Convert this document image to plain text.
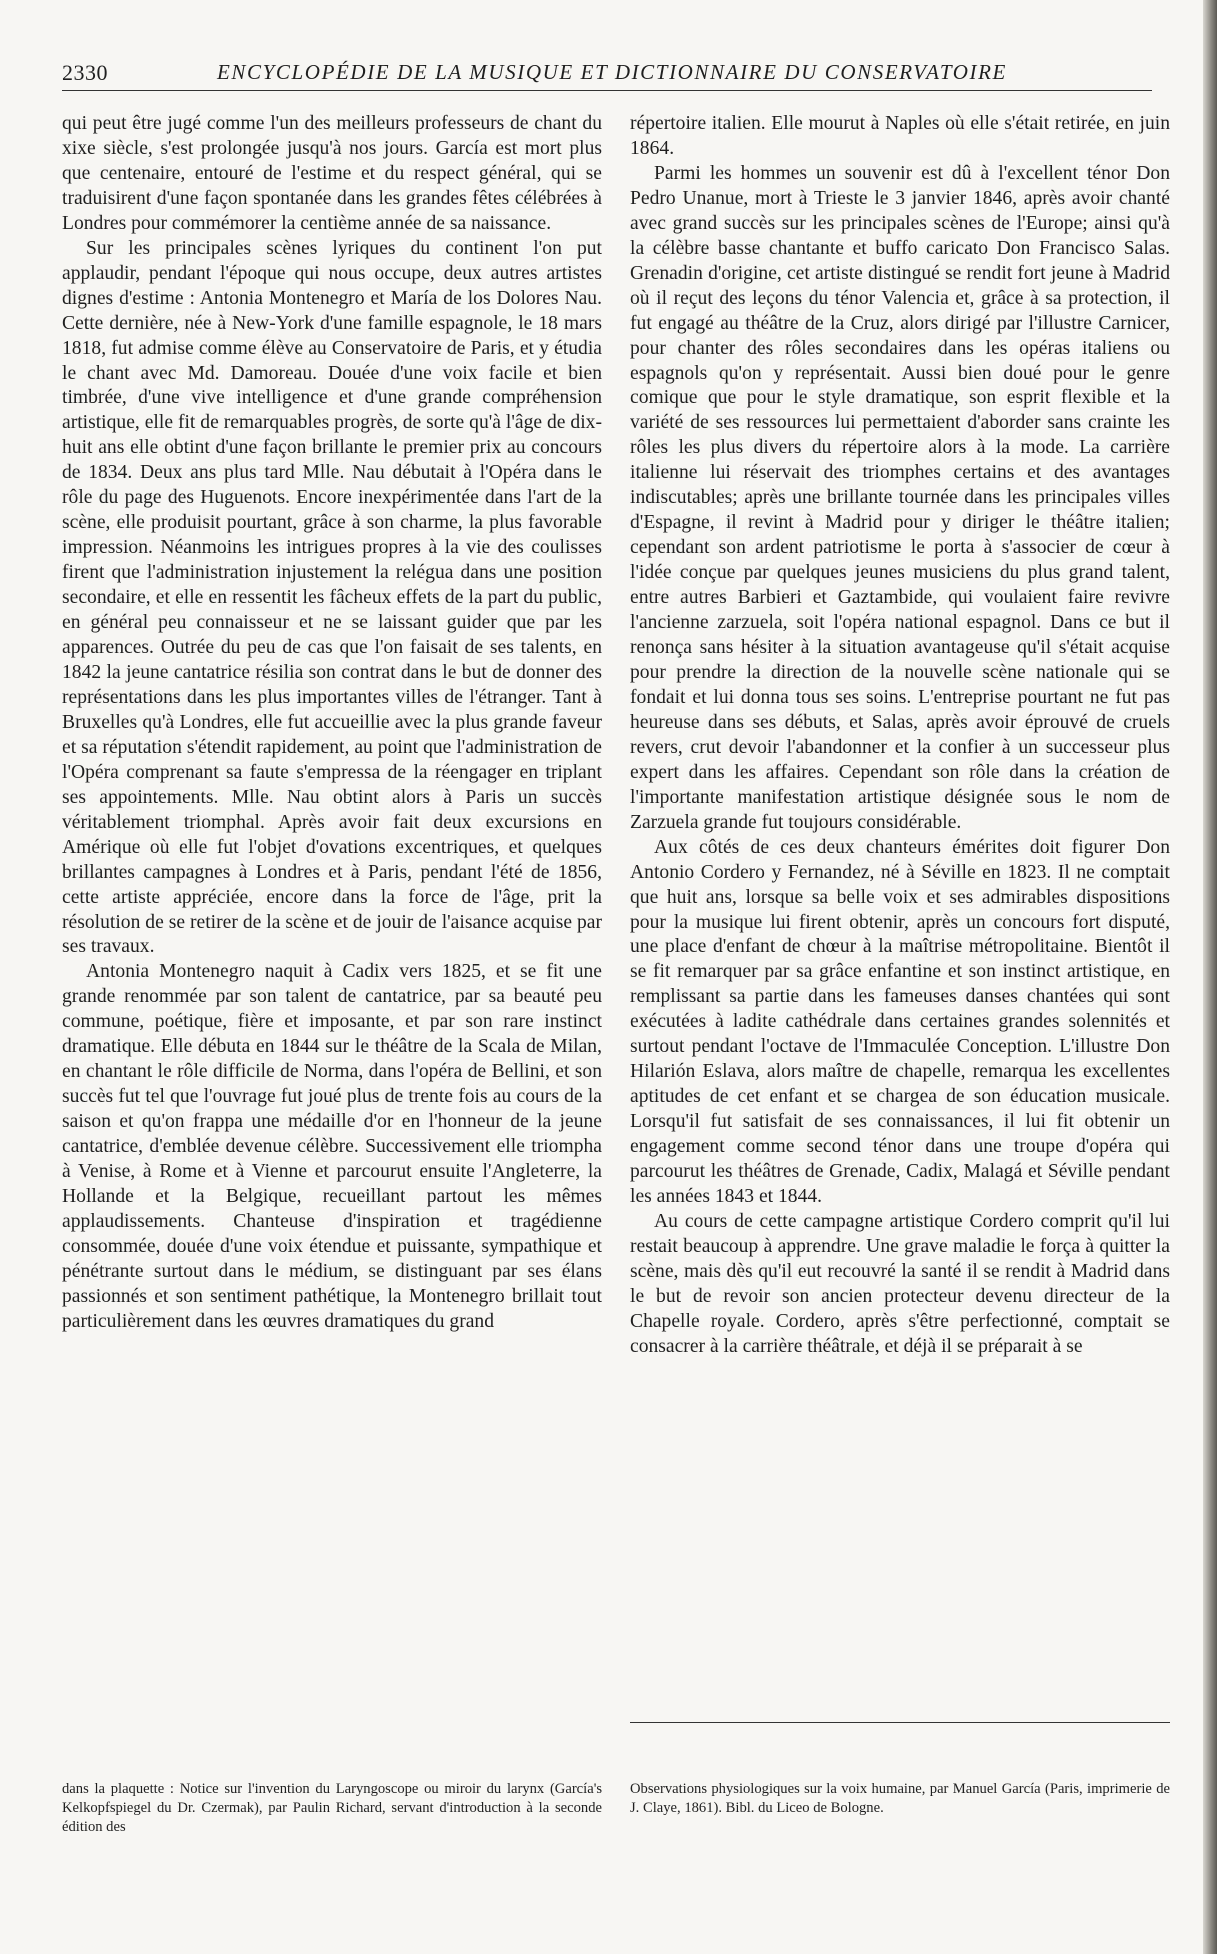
2330	ENCYCLOPÉDIE DE LA MUSIQUE ET DICTIONNAIRE DU CONSERVATOIRE

qui peut être jugé comme l'un des meilleurs professeurs de chant du xixe siècle, s'est prolongée jusqu'à nos jours. García est mort plus que centenaire, entouré de l'estime et du respect général, qui se traduisirent d'une façon spontanée dans les grandes fêtes célébrées à Londres pour commémorer la centième année de sa naissance.

Sur les principales scènes lyriques du continent l'on put applaudir, pendant l'époque qui nous occupe, deux autres artistes dignes d'estime : Antonia Montenegro et María de los Dolores Nau. Cette dernière, née à New-York d'une famille espagnole, le 18 mars 1818, fut admise comme élève au Conservatoire de Paris, et y étudia le chant avec Md. Damoreau. Douée d'une voix facile et bien timbrée, d'une vive intelligence et d'une grande compréhension artistique, elle fit de remarquables progrès, de sorte qu'à l'âge de dix-huit ans elle obtint d'une façon brillante le premier prix au concours de 1834. Deux ans plus tard Mlle. Nau débutait à l'Opéra dans le rôle du page des Huguenots. Encore inexpérimentée dans l'art de la scène, elle produisit pourtant, grâce à son charme, la plus favorable impression. Néanmoins les intrigues propres à la vie des coulisses firent que l'administration injustement la relégua dans une position secondaire, et elle en ressentit les fâcheux effets de la part du public, en général peu connaisseur et ne se laissant guider que par les apparences. Outrée du peu de cas que l'on faisait de ses talents, en 1842 la jeune cantatrice résilia son contrat dans le but de donner des représentations dans les plus importantes villes de l'étranger. Tant à Bruxelles qu'à Londres, elle fut accueillie avec la plus grande faveur et sa réputation s'étendit rapidement, au point que l'administration de l'Opéra comprenant sa faute s'empressa de la réengager en triplant ses appointements. Mlle. Nau obtint alors à Paris un succès véritablement triomphal. Après avoir fait deux excursions en Amérique où elle fut l'objet d'ovations excentriques, et quelques brillantes campagnes à Londres et à Paris, pendant l'été de 1856, cette artiste appréciée, encore dans la force de l'âge, prit la résolution de se retirer de la scène et de jouir de l'aisance acquise par ses travaux.

Antonia Montenegro naquit à Cadix vers 1825, et se fit une grande renommée par son talent de cantatrice, par sa beauté peu commune, poétique, fière et imposante, et par son rare instinct dramatique. Elle débuta en 1844 sur le théâtre de la Scala de Milan, en chantant le rôle difficile de Norma, dans l'opéra de Bellini, et son succès fut tel que l'ouvrage fut joué plus de trente fois au cours de la saison et qu'on frappa une médaille d'or en l'honneur de la jeune cantatrice, d'emblée devenue célèbre. Successivement elle triompha à Venise, à Rome et à Vienne et parcourut ensuite l'Angleterre, la Hollande et la Belgique, recueillant partout les mêmes applaudissements. Chanteuse d'inspiration et tragédienne consommée, douée d'une voix étendue et puissante, sympathique et pénétrante surtout dans le médium, se distinguant par ses élans passionnés et son sentiment pathétique, la Montenegro brillait tout particulièrement dans les œuvres dramatiques du grand

répertoire italien. Elle mourut à Naples où elle s'était retirée, en juin 1864.

Parmi les hommes un souvenir est dû à l'excellent ténor Don Pedro Unanue, mort à Trieste le 3 janvier 1846, après avoir chanté avec grand succès sur les principales scènes de l'Europe; ainsi qu'à la célèbre basse chantante et buffo caricato Don Francisco Salas. Grenadin d'origine, cet artiste distingué se rendit fort jeune à Madrid où il reçut des leçons du ténor Valencia et, grâce à sa protection, il fut engagé au théâtre de la Cruz, alors dirigé par l'illustre Carnicer, pour chanter des rôles secondaires dans les opéras italiens ou espagnols qu'on y représentait. Aussi bien doué pour le genre comique que pour le style dramatique, son esprit flexible et la variété de ses ressources lui permettaient d'aborder sans crainte les rôles les plus divers du répertoire alors à la mode. La carrière italienne lui réservait des triomphes certains et des avantages indiscutables; après une brillante tournée dans les principales villes d'Espagne, il revint à Madrid pour y diriger le théâtre italien; cependant son ardent patriotisme le porta à s'associer de cœur à l'idée conçue par quelques jeunes musiciens du plus grand talent, entre autres Barbieri et Gaztambide, qui voulaient faire revivre l'ancienne zarzuela, soit l'opéra national espagnol. Dans ce but il renonça sans hésiter à la situation avantageuse qu'il s'était acquise pour prendre la direction de la nouvelle scène nationale qui se fondait et lui donna tous ses soins. L'entreprise pourtant ne fut pas heureuse dans ses débuts, et Salas, après avoir éprouvé de cruels revers, crut devoir l'abandonner et la confier à un successeur plus expert dans les affaires. Cependant son rôle dans la création de l'importante manifestation artistique désignée sous le nom de Zarzuela grande fut toujours considérable.

Aux côtés de ces deux chanteurs émérites doit figurer Don Antonio Cordero y Fernandez, né à Séville en 1823. Il ne comptait que huit ans, lorsque sa belle voix et ses admirables dispositions pour la musique lui firent obtenir, après un concours fort disputé, une place d'enfant de chœur à la maîtrise métropolitaine. Bientôt il se fit remarquer par sa grâce enfantine et son instinct artistique, en remplissant sa partie dans les fameuses danses chantées qui sont exécutées à ladite cathédrale dans certaines grandes solennités et surtout pendant l'octave de l'Immaculée Conception. L'illustre Don Hilarión Eslava, alors maître de chapelle, remarqua les excellentes aptitudes de cet enfant et se chargea de son éducation musicale. Lorsqu'il fut satisfait de ses connaissances, il lui fit obtenir un engagement comme second ténor dans une troupe d'opéra qui parcourut les théâtres de Grenade, Cadix, Malagá et Séville pendant les années 1843 et 1844.

Au cours de cette campagne artistique Cordero comprit qu'il lui restait beaucoup à apprendre. Une grave maladie le força à quitter la scène, mais dès qu'il eut recouvré la santé il se rendit à Madrid dans le but de revoir son ancien protecteur devenu directeur de la Chapelle royale. Cordero, après s'être perfectionné, comptait se consacrer à la carrière théâtrale, et déjà il se préparait à se

dans la plaquette : Notice sur l'invention du Laryngoscope ou miroir du larynx (García's Kelkopfspiegel du Dr. Czermak), par Paulin Richard, servant d'introduction à la seconde édition des
Observations physiologiques sur la voix humaine, par Manuel García (Paris, imprimerie de J. Claye, 1861). Bibl. du Liceo de Bologne.
